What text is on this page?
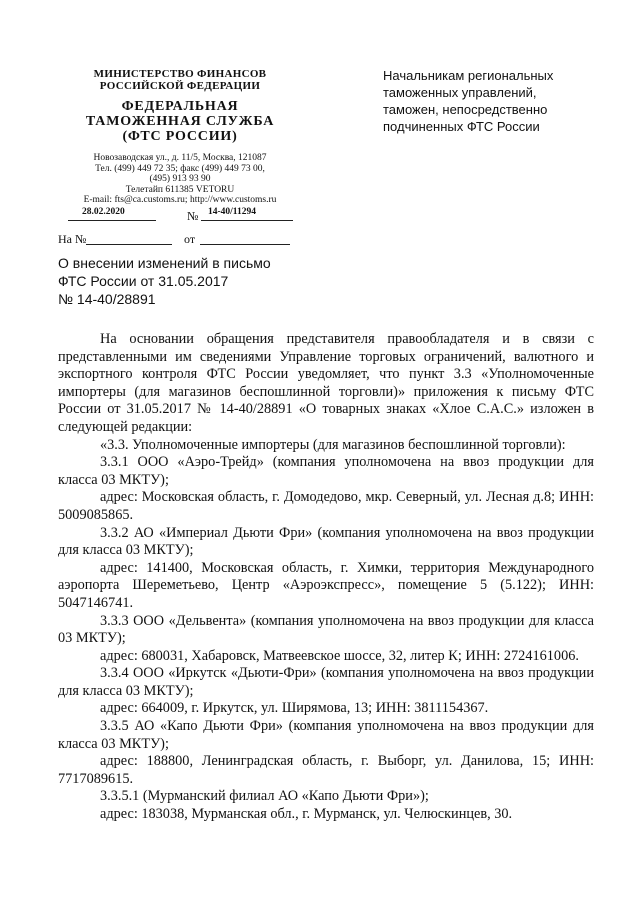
МИНИСТЕРСТВО ФИНАНСОВ
РОССИЙСКОЙ ФЕДЕРАЦИИ
ФЕДЕРАЛЬНАЯ
ТАМОЖЕННАЯ СЛУЖБА
(ФТС РОССИИ)
Новозаводская ул., д. 11/5, Москва, 121087
Тел. (499) 449 72 35; факс (499) 449 73 00,
(495) 913 93 90
Телетайп 611385 VETORU
E-mail: fts@ca.customs.ru; http://www.customs.ru
28.02.2020	№ 14-40/11294
На №	от
Начальникам региональных
таможенных управлений,
таможен, непосредственно
подчиненных ФТС России
О внесении изменений в письмо
ФТС России от 31.05.2017
№ 14-40/28891

На основании обращения представителя правообладателя и в связи с представленными им сведениями Управление торговых ограничений, валютного и экспортного контроля ФТС России уведомляет, что пункт 3.3 «Уполномоченные импортеры (для магазинов беспошлинной торговли)» приложения к письму ФТС России от 31.05.2017 № 14-40/28891 «О товарных знаках «Хлое С.А.С.» изложен в следующей редакции:

«3.3. Уполномоченные импортеры (для магазинов беспошлинной торговли):

3.3.1 ООО «Аэро-Трейд» (компания уполномочена на ввоз продукции для класса 03 МКТУ);

адрес: Московская область, г. Домодедово, мкр. Северный, ул. Лесная д.8; ИНН: 5009085865.

3.3.2 АО «Империал Дьюти Фри» (компания уполномочена на ввоз продукции для класса 03 МКТУ);

адрес: 141400, Московская область, г. Химки, территория Международного аэропорта Шереметьево, Центр «Аэроэкспресс», помещение 5 (5.122); ИНН: 5047146741.

3.3.3 ООО «Дельвента» (компания уполномочена на ввоз продукции для класса 03 МКТУ);

адрес: 680031, Хабаровск, Матвеевское шоссе, 32, литер К; ИНН: 2724161006.

3.3.4 ООО «Иркутск «Дьюти-Фри» (компания уполномочена на ввоз продукции для класса 03 МКТУ);

адрес: 664009, г. Иркутск, ул. Ширямова, 13; ИНН: 3811154367.

3.3.5 АО «Капо Дьюти Фри» (компания уполномочена на ввоз продукции для класса 03 МКТУ);

адрес: 188800, Ленинградская область, г. Выборг, ул. Данилова, 15; ИНН: 7717089615.

3.3.5.1 (Мурманский филиал АО «Капо Дьюти Фри»);

адрес: 183038, Мурманская обл., г. Мурманск, ул. Челюскинцев, 30.
